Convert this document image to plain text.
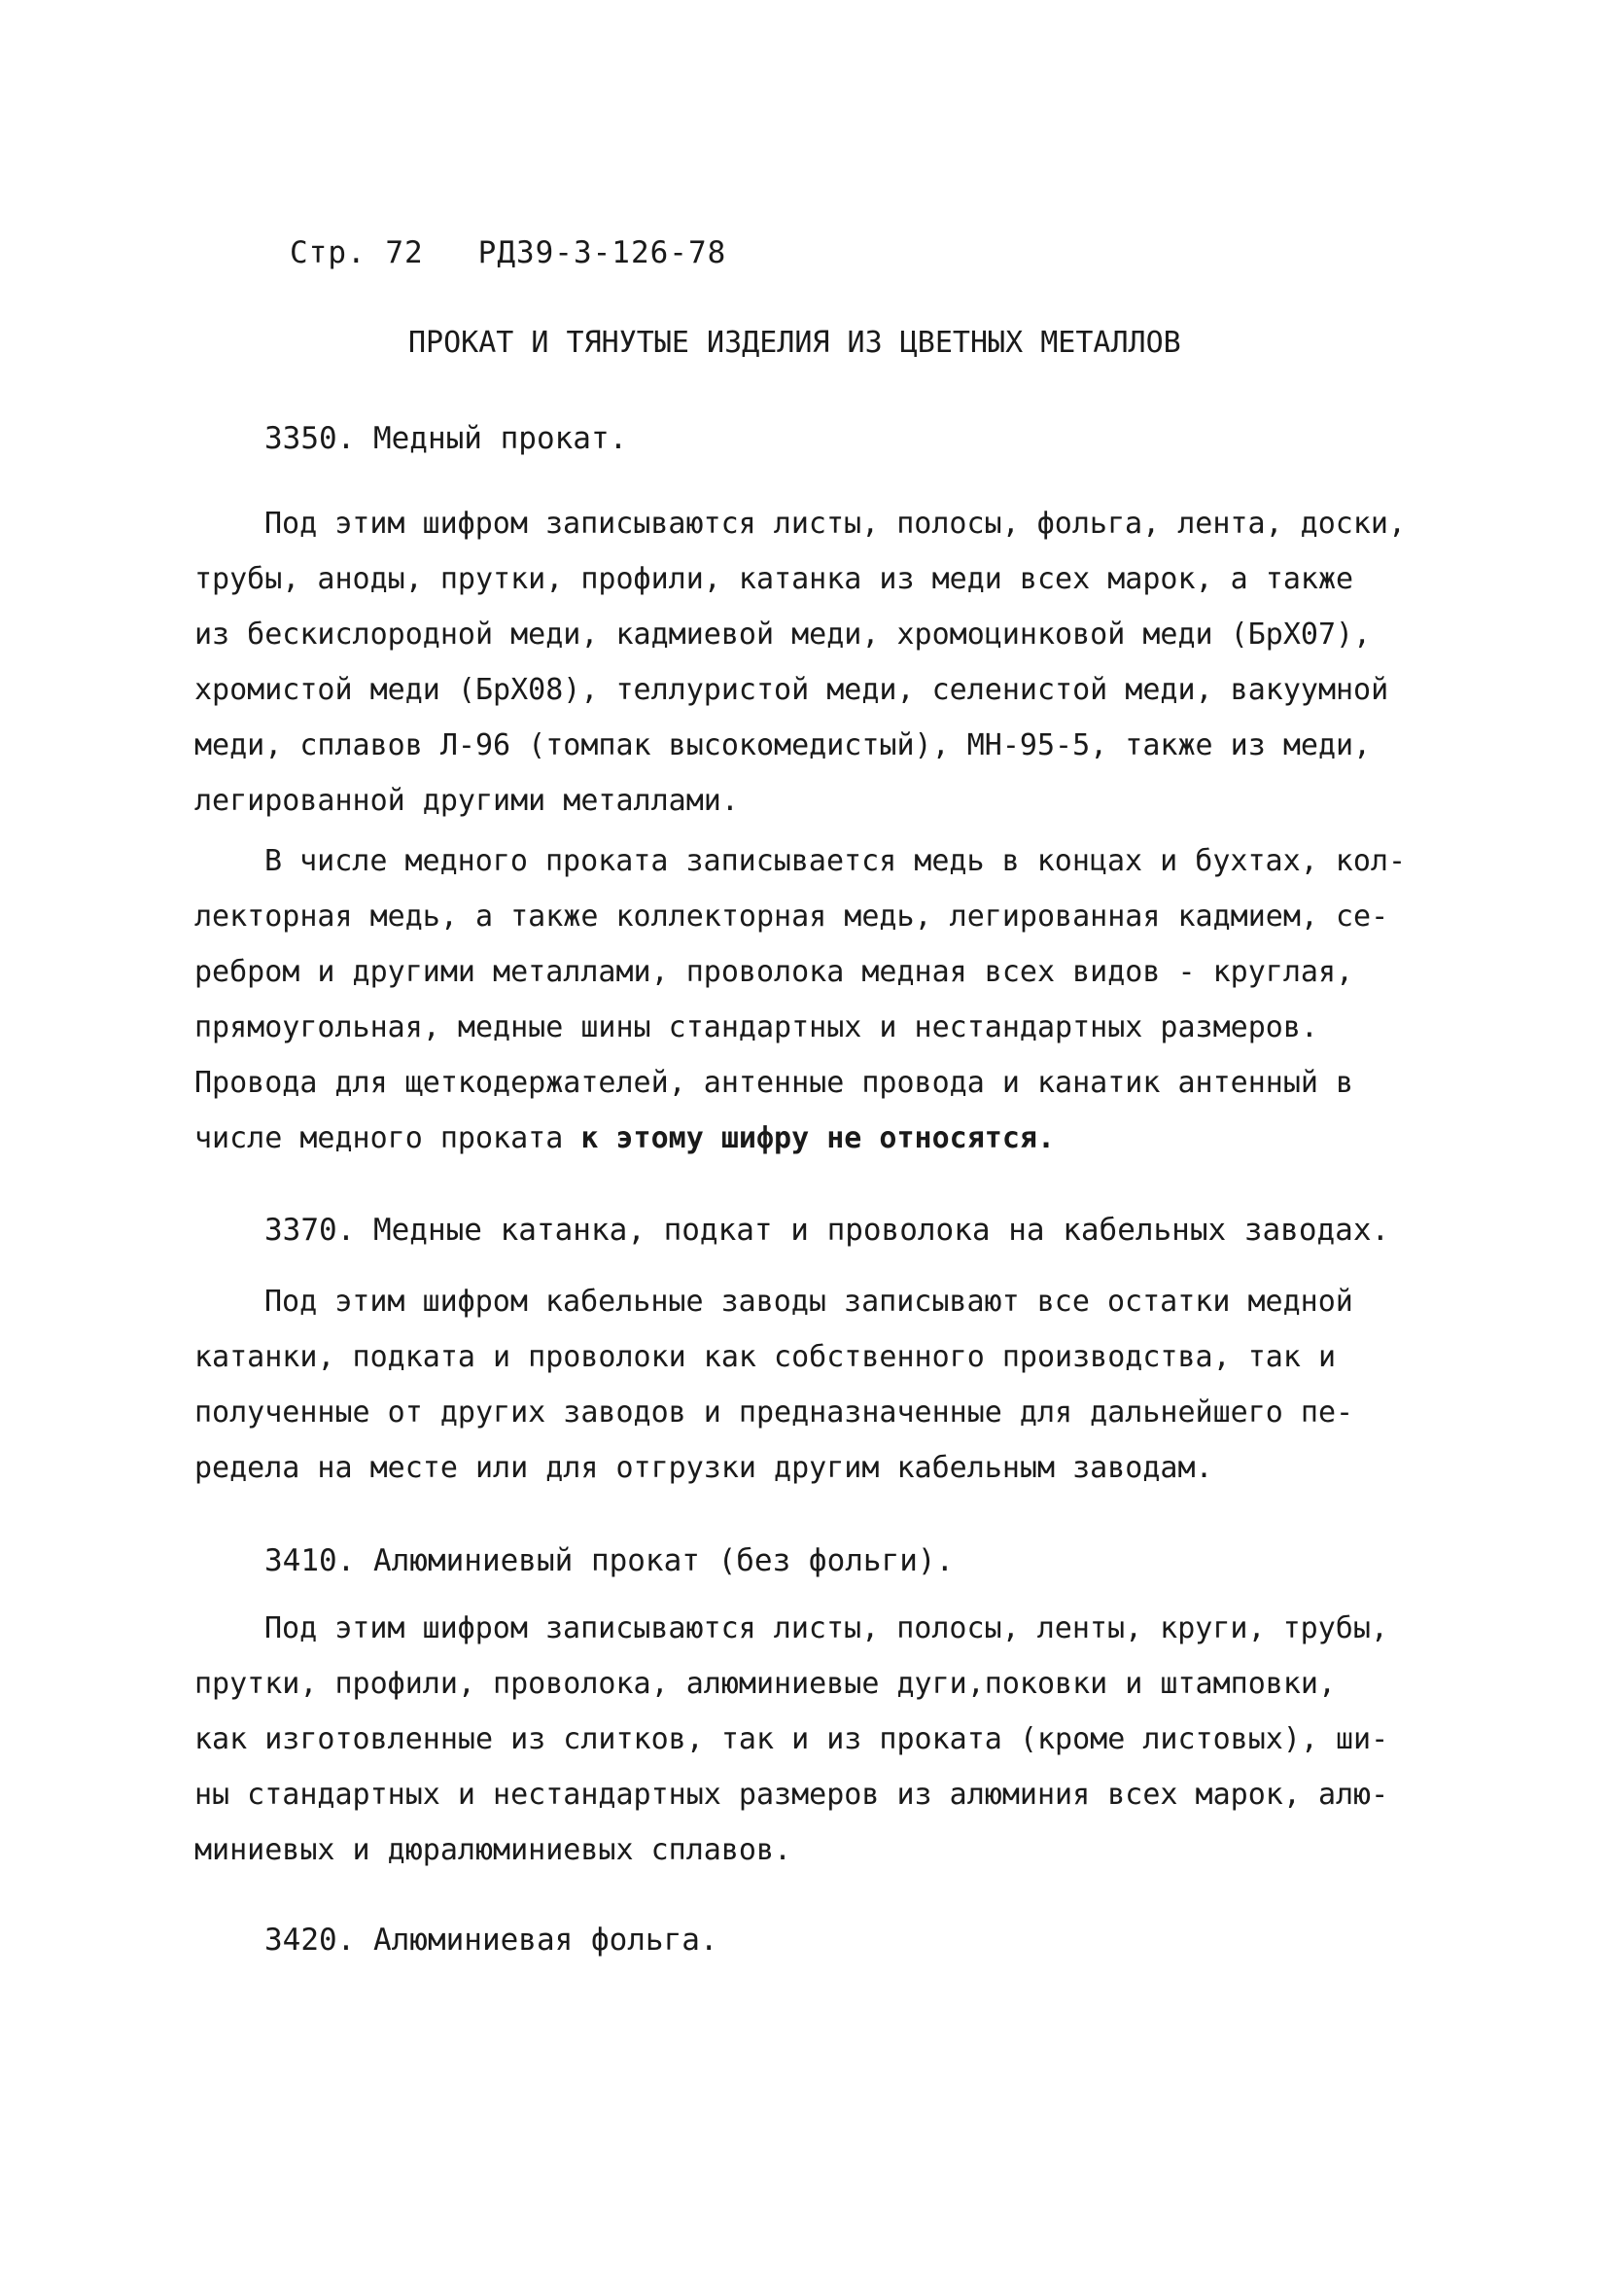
Стр. 72 РД39-3-126-78
ПРОКАТ И ТЯНУТЫЕ ИЗДЕЛИЯ ИЗ ЦВЕТНЫХ МЕТАЛЛОВ
3350. Медный прокат.
Под этим шифром записываются листы, полосы, фольга, лента, доски,
трубы, аноды, прутки, профили, катанка из меди всех марок, а также
из бескислородной меди, кадмиевой меди, хромоцинковой меди (БрХ07),
хромистой меди (БрХ08), теллуристой меди, селенистой меди, вакуумной
меди, сплавов Л-96 (томпак высокомедистый), МН-95-5, также из меди,
легированной другими металлами.
В числе медного проката записывается медь в концах и бухтах, кол-
лекторная медь, а также коллекторная медь, легированная кадмием, се-
ребром и другими металлами, проволока медная всех видов - круглая,
прямоугольная, медные шины стандартных и нестандартных размеров.
Провода для щеткодержателей, антенные провода и канатик антенный в
числе медного проката к этому шифру не относятся.
3370. Медные катанка, подкат и проволока на кабельных заводах.
Под этим шифром кабельные заводы записывают все остатки медной
катанки, подката и проволоки как собственного производства, так и
полученные от других заводов и предназначенные для дальнейшего пе-
редела на месте или для отгрузки другим кабельным заводам.
3410. Алюминиевый прокат (без фольги).
Под этим шифром записываются листы, полосы, ленты, круги, трубы,
прутки, профили, проволока, алюминиевые дуги,поковки и штамповки,
как изготовленные из слитков, так и из проката (кроме листовых), ши-
ны стандартных и нестандартных размеров из алюминия всех марок, алю-
миниевых и дюралюминиевых сплавов.
3420. Алюминиевая фольга.
